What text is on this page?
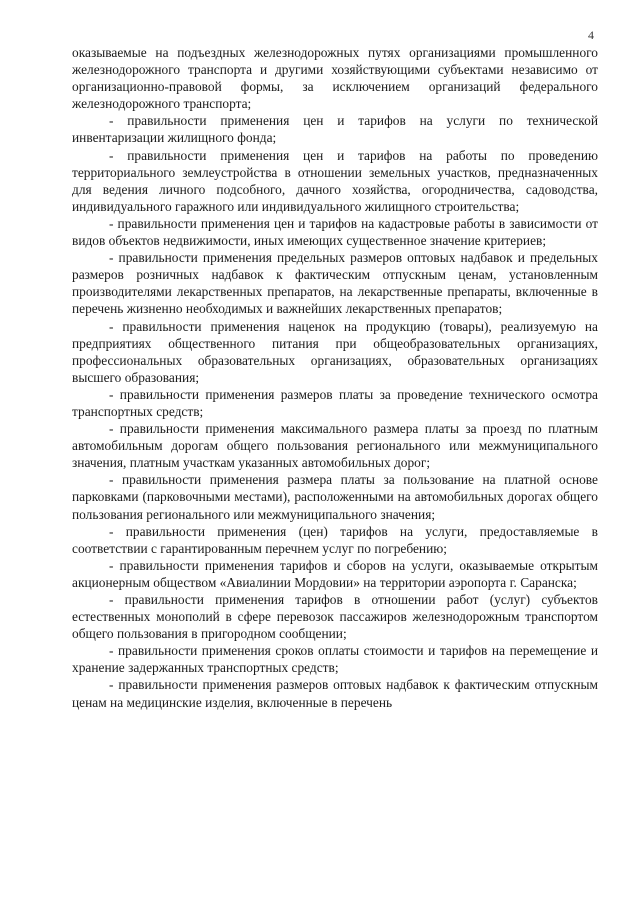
4

оказываемые на подъездных железнодорожных путях организациями промышленного железнодорожного транспорта и другими хозяйствующими субъектами независимо от организационно-правовой формы, за исключением организаций федерального железнодорожного транспорта;

- правильности применения цен и тарифов на услуги по технической инвентаризации жилищного фонда;

- правильности применения цен и тарифов на работы по проведению территориального землеустройства в отношении земельных участков, предназначенных для ведения личного подсобного, дачного хозяйства, огородничества, садоводства, индивидуального гаражного или индивидуального жилищного строительства;

- правильности применения цен и тарифов на кадастровые работы в зависимости от видов объектов недвижимости, иных имеющих существенное значение критериев;

- правильности применения предельных размеров оптовых надбавок и предельных размеров розничных надбавок к фактическим отпускным ценам, установленным производителями лекарственных препаратов, на лекарственные препараты, включенные в перечень жизненно необходимых и важнейших лекарственных препаратов;

- правильности применения наценок на продукцию (товары), реализуемую на предприятиях общественного питания при общеобразовательных организациях, профессиональных образовательных организациях, образовательных организациях высшего образования;

- правильности применения размеров платы за проведение технического осмотра транспортных средств;

- правильности применения максимального размера платы за проезд по платным автомобильным дорогам общего пользования регионального или межмуниципального значения, платным участкам указанных автомобильных дорог;

- правильности применения размера платы за пользование на платной основе парковками (парковочными местами), расположенными на автомобильных дорогах общего пользования регионального или межмуниципального значения;

- правильности применения (цен) тарифов на услуги, предоставляемые в соответствии с гарантированным перечнем услуг по погребению;

- правильности применения тарифов и сборов на услуги, оказываемые открытым акционерным обществом «Авиалинии Мордовии» на территории аэропорта г. Саранска;

- правильности применения тарифов в отношении работ (услуг) субъектов естественных монополий в сфере перевозок пассажиров железнодорожным транспортом общего пользования в пригородном сообщении;

- правильности применения сроков оплаты стоимости и тарифов на перемещение и хранение задержанных транспортных средств;

- правильности применения размеров оптовых надбавок к фактическим отпускным ценам на медицинские изделия, включенные в перечень
